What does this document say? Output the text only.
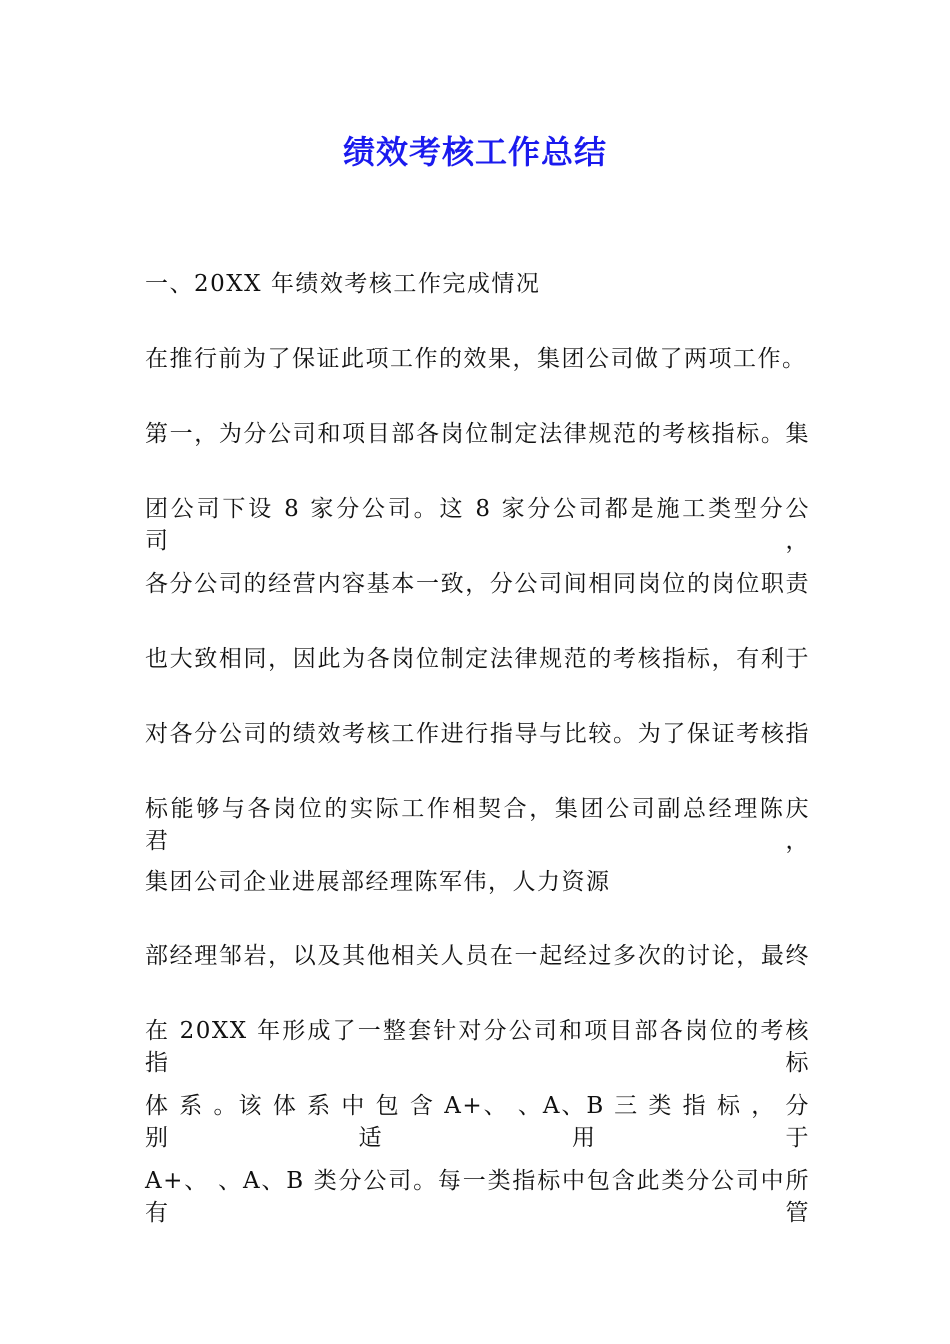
绩效考核工作总结
一、20XX 年绩效考核工作完成情况
在推行前为了保证此项工作的效果，集团公司做了两项工作。
第一，为分公司和项目部各岗位制定法律规范的考核指标。集
团公司下设 8 家分公司。这 8 家分公司都是施工类型分公司，
各分公司的经营内容基本一致，分公司间相同岗位的岗位职责
也大致相同，因此为各岗位制定法律规范的考核指标，有利于
对各分公司的绩效考核工作进行指导与比较。为了保证考核指
标能够与各岗位的实际工作相契合，集团公司副总经理陈庆君，
集团公司企业进展部经理陈军伟，人力资源
部经理邹岩，以及其他相关人员在一起经过多次的讨论，最终
在 20XX 年形成了一整套针对分公司和项目部各岗位的考核指标
体 系 。该 体 系 中 包 含 A+、 、A、B 三 类 指 标 ， 分 别 适 用 于
A+、 、A、B 类分公司。每一类指标中包含此类分公司中所有管
